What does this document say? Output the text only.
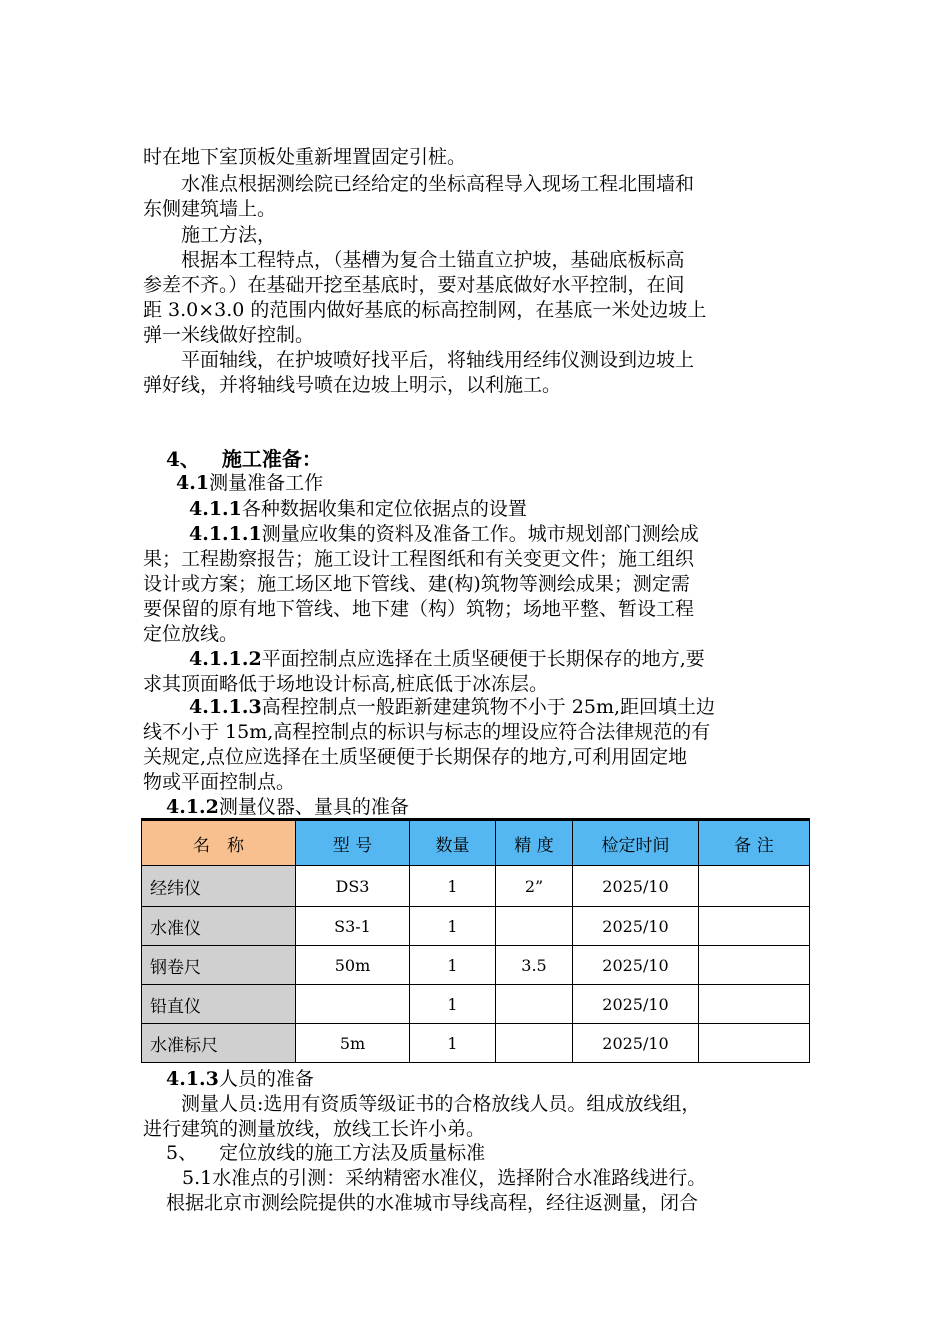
时在地下室顶板处重新埋置固定引桩。
　　水准点根据测绘院已经给定的坐标高程导入现场工程北围墙和
东侧建筑墙上。
　　施工方法，
　　根据本工程特点，（基槽为复合土锚直立护坡，基础底板标高
参差不齐。）在基础开挖至基底时，要对基底做好水平控制，在间
距 3.0×3.0 的范围内做好基底的标高控制网，在基底一米处边坡上
弹一米线做好控制。
　　平面轴线，在护坡喷好找平后，将轴线用经纬仪测设到边坡上
弹好线，并将轴线号喷在边坡上明示，以利施工。
4、 施工准备：
4.1测量准备工作
4.1.1各种数据收集和定位依据点的设置
4.1.1.1测量应收集的资料及准备工作。城市规划部门测绘成
果；工程勘察报告；施工设计工程图纸和有关变更文件；施工组织
设计或方案；施工场区地下管线、建(构)筑物等测绘成果；测定需
要保留的原有地下管线、地下建（构）筑物；场地平整、暂设工程
定位放线。
4.1.1.2平面控制点应选择在土质坚硬便于长期保存的地方,要
求其顶面略低于场地设计标高,桩底低于冰冻层。
4.1.1.3高程控制点一般距新建建筑物不小于 25m,距回填土边
线不小于 15m,高程控制点的标识与标志的埋设应符合法律规范的有
关规定,点位应选择在土质坚硬便于长期保存的地方,可利用固定地
物或平面控制点。
4.1.2测量仪器、量具的准备
名　称	型 号	数量	精 度	检定时间	备 注
经纬仪	DS3	1	2”	2025/10	
水准仪	S3-1	1		2025/10	
钢卷尺	50m	1	3.5	2025/10	
铅直仪		1		2025/10	
水准标尺	5m	1		2025/10	
4.1.3人员的准备
　　测量人员:选用有资质等级证书的合格放线人员。组成放线组，
进行建筑的测量放线，放线工长许小弟。
5、 定位放线的施工方法及质量标准
5.1水准点的引测：采纳精密水准仪，选择附合水准路线进行。
根据北京市测绘院提供的水准城市导线高程，经往返测量，闭合
